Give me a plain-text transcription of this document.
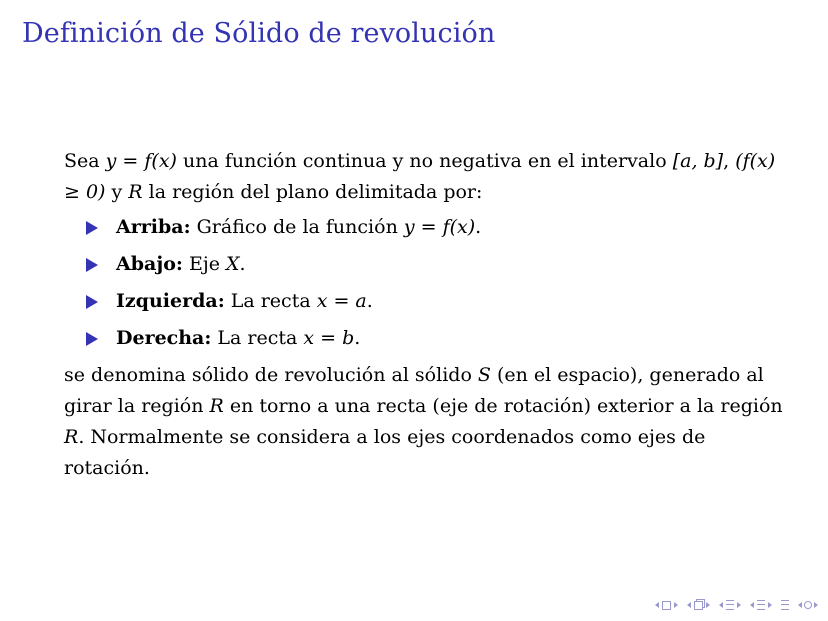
Definición de Sólido de revolución

Sea y = f(x) una función continua y no negativa en el intervalo [a, b], (f(x) ≥ 0) y R la región del plano delimitada por:

Arriba: Gráfico de la función y = f(x).
Abajo: Eje X.
Izquierda: La recta x = a.
Derecha: La recta x = b.

se denomina sólido de revolución al sólido S (en el espacio), generado al girar la región R en torno a una recta (eje de rotación) exterior a la región R. Normalmente se considera a los ejes coordenados como ejes de rotación.
